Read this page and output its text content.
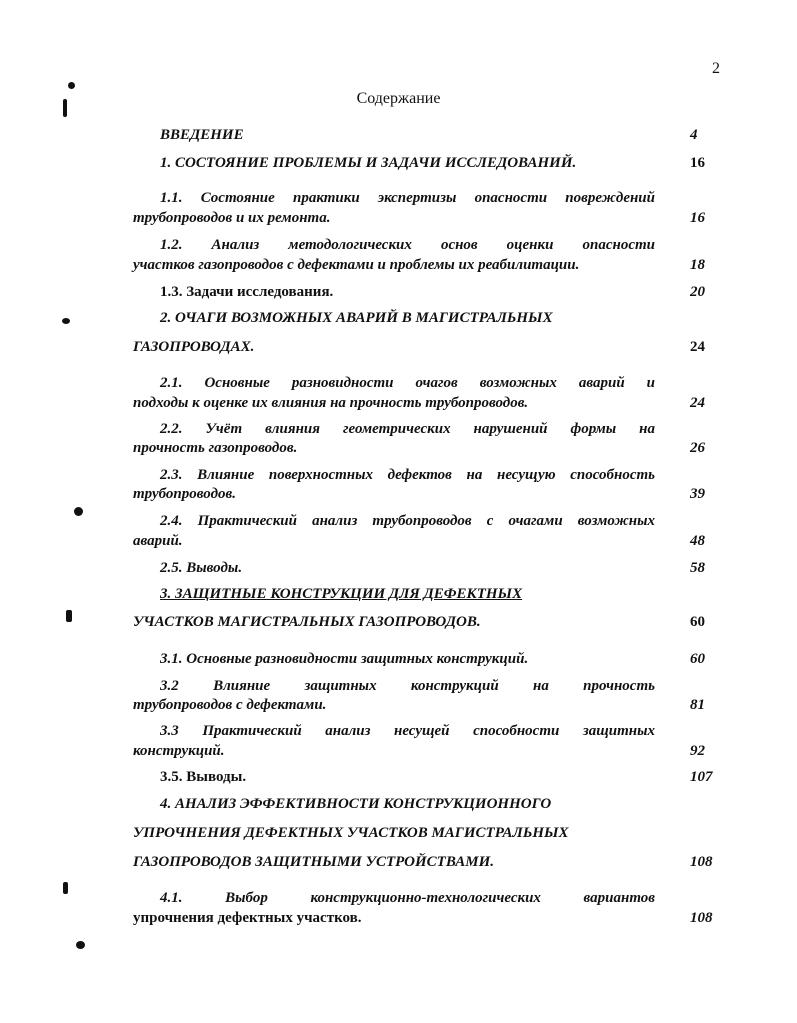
2
Содержание
ВВЕДЕНИЕ	4
1. СОСТОЯНИЕ ПРОБЛЕМЫ И ЗАДАЧИ ИССЛЕДОВАНИЙ.	16
1.1. Состояние практики экспертизы опасности повреждений
трубопроводов и их ремонта.	16
1.2. Анализ методологических основ оценки опасности
участков газопроводов с дефектами и проблемы их реабилитации.	18
1.3. Задачи исследования.	20
2. ОЧАГИ ВОЗМОЖНЫХ АВАРИЙ В МАГИСТРАЛЬНЫХ
ГАЗОПРОВОДАХ.	24
2.1. Основные разновидности очагов возможных аварий и
подходы к оценке их влияния на прочность трубопроводов.	24
2.2. Учёт влияния геометрических нарушений формы на
прочность газопроводов.	26
2.3. Влияние поверхностных дефектов на несущую способность
трубопроводов.	39
2.4. Практический анализ трубопроводов с очагами возможных
аварий.	48
2.5. Выводы.	58
3. ЗАЩИТНЫЕ КОНСТРУКЦИИ ДЛЯ ДЕФЕКТНЫХ
УЧАСТКОВ МАГИСТРАЛЬНЫХ ГАЗОПРОВОДОВ.	60
3.1. Основные разновидности защитных конструкций.	60
3.2 Влияние защитных конструкций на прочность
трубопроводов с дефектами.	81
3.3 Практический анализ несущей способности защитных
конструкций.	92
3.5. Выводы.	107
4. АНАЛИЗ ЭФФЕКТИВНОСТИ КОНСТРУКЦИОННОГО
УПРОЧНЕНИЯ ДЕФЕКТНЫХ УЧАСТКОВ МАГИСТРАЛЬНЫХ
ГАЗОПРОВОДОВ ЗАЩИТНЫМИ УСТРОЙСТВАМИ.	108
4.1. Выбор конструкционно-технологических вариантов
упрочнения дефектных участков.	108
